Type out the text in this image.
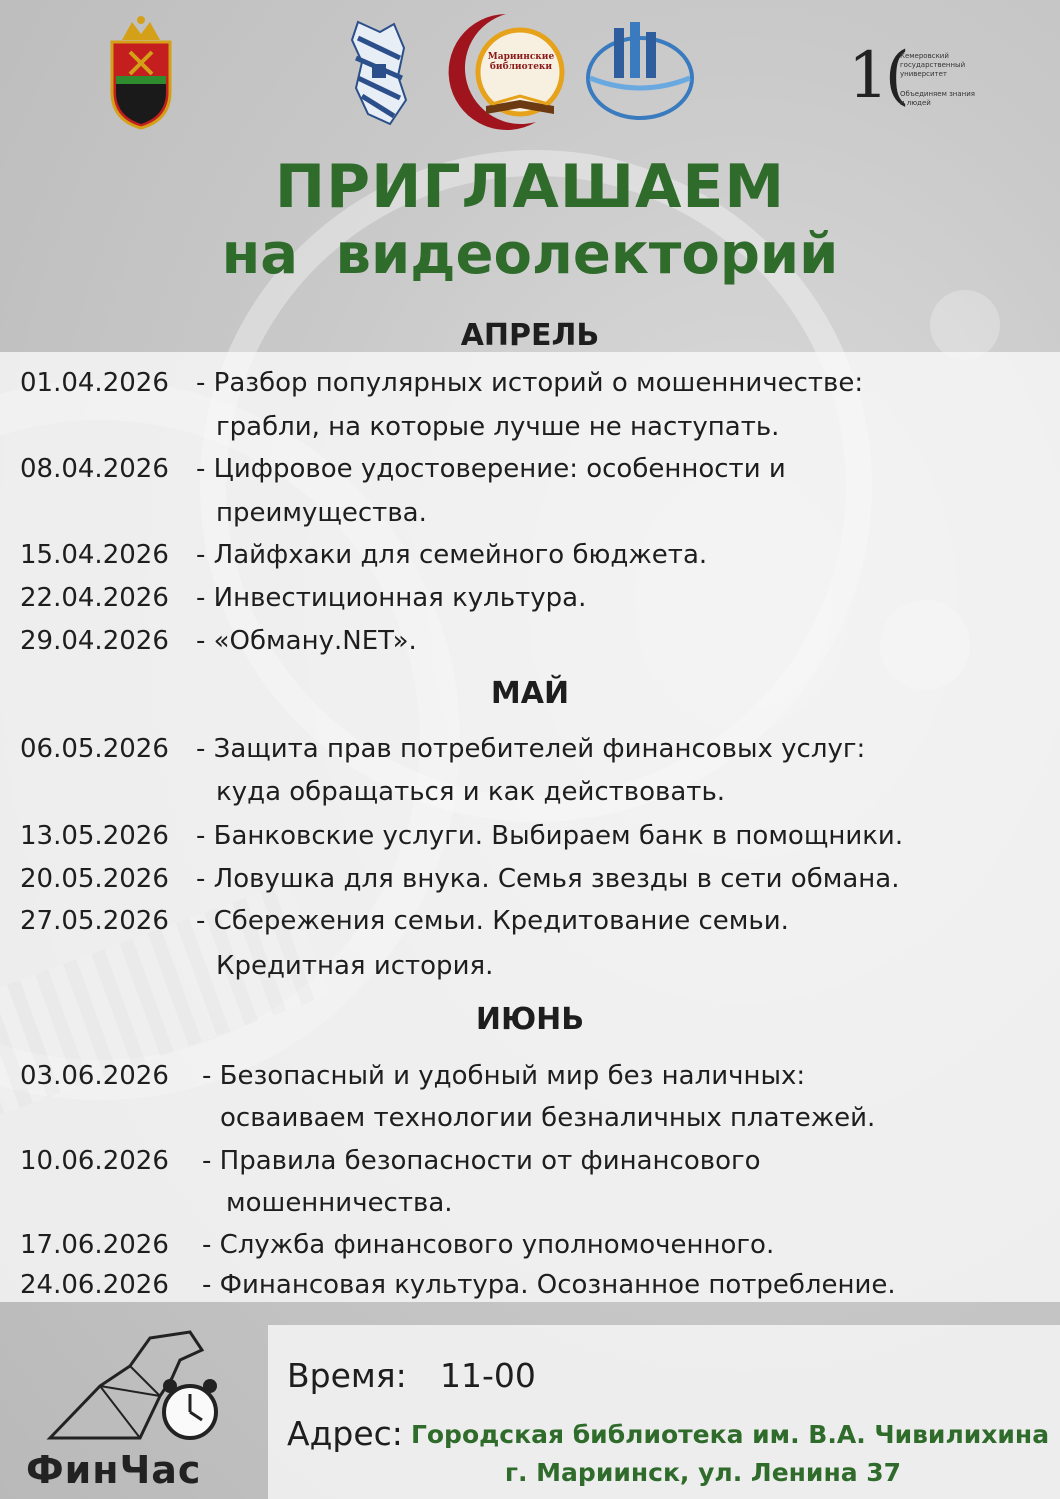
Мариинские библиотеки	1(
Кемеровский государственный университет
Объединяем знания и людей
ПРИГЛАШАЕМ
на видеолекторий
АПРЕЛЬ
01.04.2026 - Разбор популярных историй о мошенничестве:
грабли, на которые лучше не наступать.
08.04.2026 - Цифровое удостоверение: особенности и
преимущества.
15.04.2026 - Лайфхаки для семейного бюджета.
22.04.2026 - Инвестиционная культура.
29.04.2026 - «Обману.NET».
МАЙ
06.05.2026 - Защита прав потребителей финансовых услуг:
куда обращаться и как действовать.
13.05.2026 - Банковские услуги. Выбираем банк в помощники.
20.05.2026 - Ловушка для внука. Семья звезды в сети обмана.
27.05.2026 - Сбережения семьи. Кредитование семьи.
Кредитная история.
ИЮНЬ
03.06.2026 - Безопасный и удобный мир без наличных:
осваиваем технологии безналичных платежей.
10.06.2026 - Правила безопасности от финансового
мошенничества.
17.06.2026 - Служба финансового уполномоченного.
24.06.2026 - Финансовая культура. Осознанное потребление.
ФинЧас
Время: 11-00
Адрес: Городская библиотека им. В.А. Чивилихина
г. Мариинск, ул. Ленина 37
